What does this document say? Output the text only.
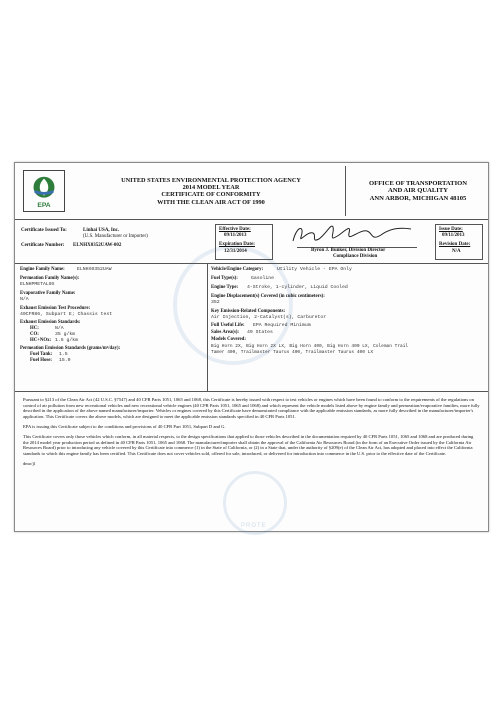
PROTE
EPA
UNITED STATES ENVIRONMENTAL PROTECTION AGENCY
2014 MODEL YEAR
CERTIFICATE OF CONFORMITY
WITH THE CLEAN AIR ACT OF 1990
OFFICE OF TRANSPORTATION
AND AIR QUALITY
ANN ARBOR, MICHIGAN 48105
Certificate Issued To:	Linhai USA, Inc.
(U.S. Manufacturer or Importer)
Certificate Number: ELNHX0352UAW-002
Effective Date:
09/11/2013
Expiration Date:
12/31/2014	Byron J. Bunker, Division Director
Compliance Division
Issue Date:
09/11/2013
Revision Date:
N/A
Engine Family Name:	ELNHX0352UAW
Permeation Family Name(s):
ELNHPMETAL0X
Evaporative Family Name:
N/A
Exhaust Emission Test Procedure:
40CFR86, Subpart E; Chassis test
Exhaust Emission Standards:
HC:	N/A
CO:	35 g/km
HC+NOx: 1.5 g/km
Permeation Emission Standards (grams/m²/day):
Fuel Tank: 1.5
Fuel Hose: 15.0
Vehicle/Engine Category:	Utility Vehicle - EPA Only
Fuel Type(s):	Gasoline
Engine Type: 4-Stroke, 1-cylinder, Liquid Cooled
Engine Displacement(s) Covered (in cubic centimeters):
352
Key Emission-Related Components:
Air Injection, 2-Catalyst(s), Carburetor
Full Useful Life: EPA Required Minimum
Sales Area(s): 49 States
Models Covered:
Big Horn 2X, Big Horn 2X LX, Big Horn 400, Big Horn 400 LX, Coleman Trail
Tamer 400, Trailmaster Taurus 400, Trailmaster Taurus 400 LX

Pursuant to §213 of the Clean Air Act (42 U.S.C. §7547) and 40 CFR Parts 1051, 1065 and 1068, this Certificate is hereby issued with respect to test vehicles or engines which have been found to conform to the requirements of the regulations on control of air pollution from new recreational vehicles and new recreational vehicle engines (40 CFR Parts 1051, 1065 and 1068) and which represent the vehicle models listed above by engine family and permeation/evaporative families, more fully described in the application of the above named manufacturer/importer. Vehicles or engines covered by this Certificate have demonstrated compliance with the applicable emission standards, as more fully described in the manufacturer/importer's application. This Certificate covers the above models, which are designed to meet the applicable emission standards specified in 40 CFR Parts 1051.

EPA is issuing this Certificate subject to the conditions and provisions of 40 CFR Part 1051, Subpart D and G.

This Certificate covers only those vehicles which conform, in all material respects, to the design specifications that applied to those vehicles described in the documentation required by 40 CFR Parts 1051, 1065 and 1068 and are produced during the 2014 model year production period as defined in 40 CFR Parts 1051, 1065 and 1068. The manufacturer/importer shall obtain the approval of the California Air Resources Board (in the form of an Executive Order issued by the California Air Resources Board) prior to introducing any vehicle covered by this Certificate into commerce (1) in the State of California, or (2) in a State that, under the authority of §209(e) of the Clean Air Act, has adopted and placed into effect the California standards to which this engine family has been certified. This Certificate does not cover vehicles sold, offered for sale, introduced, or delivered for introduction into commerce in the U.S. prior to the effective date of the Certificate.

dmo/jl
